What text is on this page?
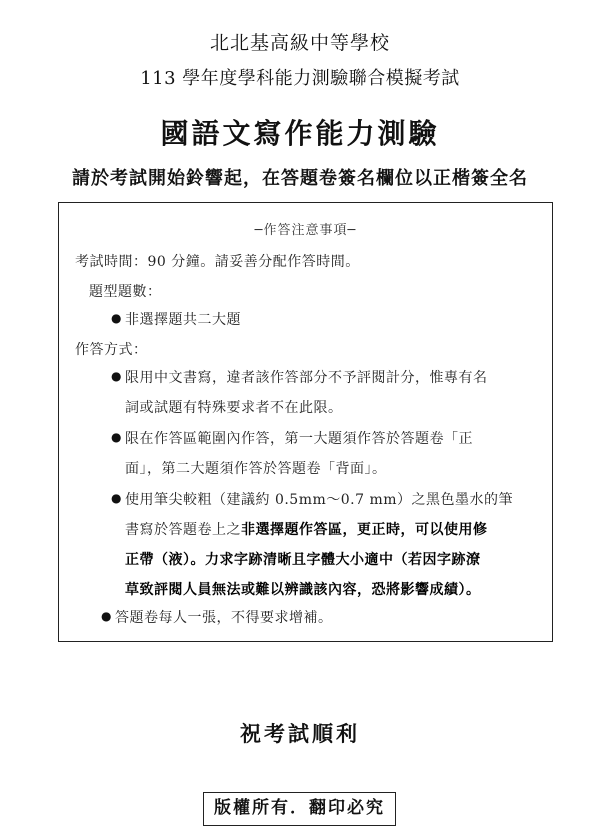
北北基高級中等學校
113 學年度學科能力測驗聯合模擬考試
國語文寫作能力測驗
請於考試開始鈴響起，在答題卷簽名欄位以正楷簽全名
─作答注意事項─
考試時間：90 分鐘。請妥善分配作答時間。
題型題數：
● 非選擇題共二大題
作答方式：
● 限用中文書寫，違者該作答部分不予評閱計分，惟專有名
詞或試題有特殊要求者不在此限。
● 限在作答區範圍內作答，第一大題須作答於答題卷「正
面」，第二大題須作答於答題卷「背面」。
● 使用筆尖較粗（建議約 0.5mm～0.7 mm）之黑色墨水的筆
書寫於答題卷上之非選擇題作答區，更正時，可以使用修
正帶（液）。力求字跡清晰且字體大小適中（若因字跡潦
草致評閱人員無法或難以辨識該內容，恐將影響成績）。
● 答題卷每人一張，不得要求增補。
祝考試順利
版權所有．翻印必究
